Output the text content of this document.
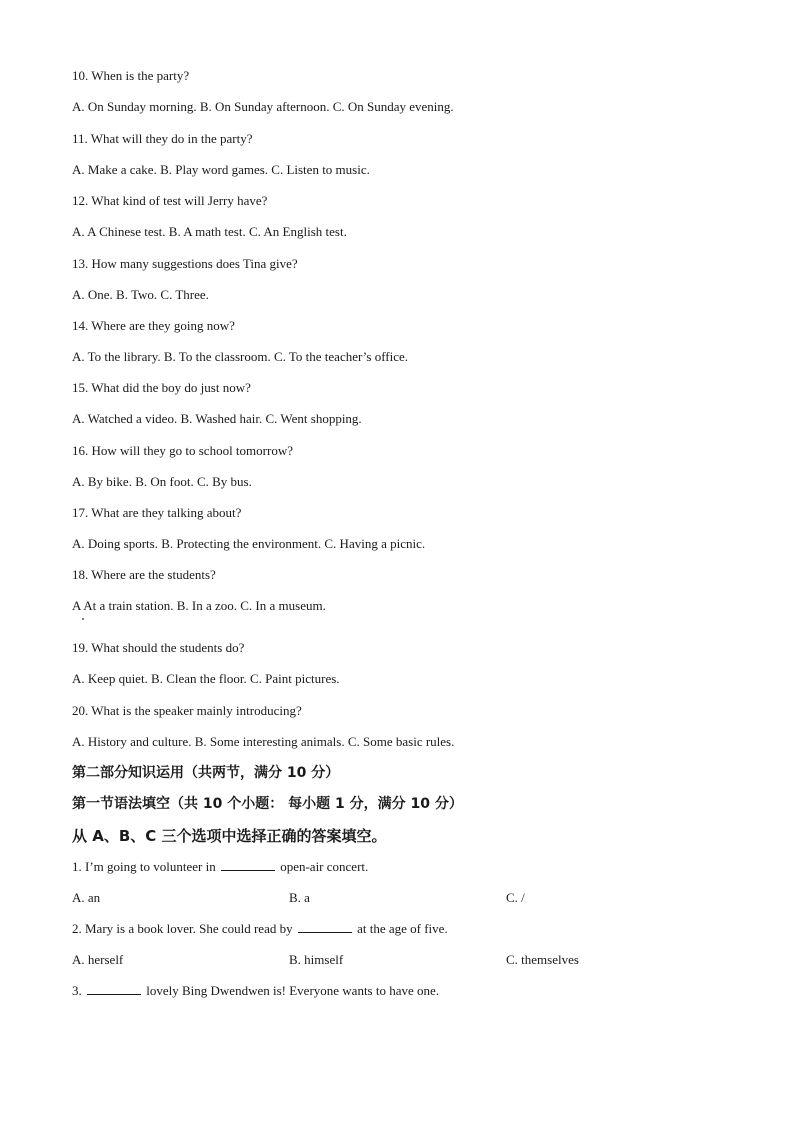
10. When is the party?
A. On Sunday morning. B. On Sunday afternoon. C. On Sunday evening.
11. What will they do in the party?
A. Make a cake. B. Play word games. C. Listen to music.
12. What kind of test will Jerry have?
A. A Chinese test. B. A math test. C. An English test.
13. How many suggestions does Tina give?
A. One. B. Two. C. Three.
14. Where are they going now?
A. To the library. B. To the classroom. C. To the teacher’s office.
15. What did the boy do just now?
A. Watched a video. B. Washed hair. C. Went shopping.
16. How will they go to school tomorrow?
A. By bike. B. On foot. C. By bus.
17. What are they talking about?
A. Doing sports. B. Protecting the environment. C. Having a picnic.
18. Where are the students?
A At a train station. B. In a zoo. C. In a museum.
19. What should the students do?
A. Keep quiet. B. Clean the floor. C. Paint pictures.
20. What is the speaker mainly introducing?
A. History and culture. B. Some interesting animals. C. Some basic rules.
第二部分知识运用（共两节，满分 10 分）
第一节语法填空（共 10 个小题： 每小题 1 分，满分 10 分）
从 A、B、C 三个选项中选择正确的答案填空。
1. I’m going to volunteer in	open-air concert.
A. an	B. a	C. /
2. Mary is a book lover. She could read by	at the age of five.
A. herself	B. himself	C. themselves
3.	lovely Bing Dwendwen is! Everyone wants to have one.
